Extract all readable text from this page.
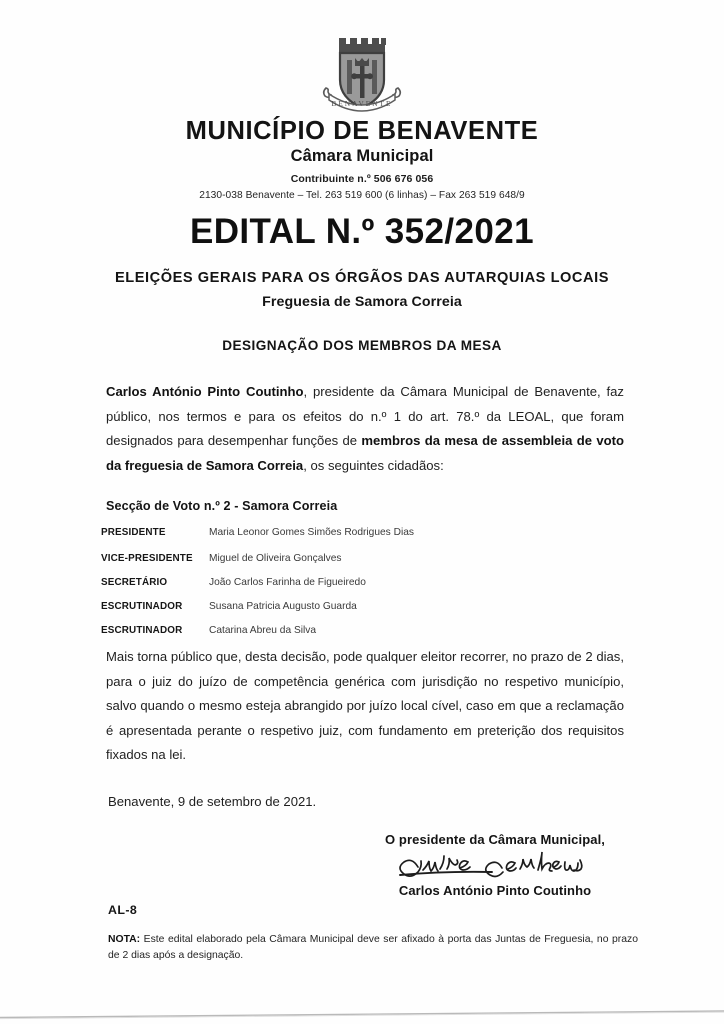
BENAVENTE
MUNICÍPIO DE BENAVENTE
Câmara Municipal
Contribuinte n.º 506 676 056
2130-038 Benavente – Tel. 263 519 600 (6 linhas) – Fax 263 519 648/9
EDITAL N.º 352/2021
ELEIÇÕES GERAIS PARA OS ÓRGÃOS DAS AUTARQUIAS LOCAIS
Freguesia de Samora Correia
DESIGNAÇÃO DOS MEMBROS DA MESA
Carlos António Pinto Coutinho, presidente da Câmara Municipal de Benavente, faz público, nos termos e para os efeitos do n.º 1 do art. 78.º da LEOAL, que foram designados para desempenhar funções de membros da mesa de assembleia de voto da freguesia de Samora Correia, os seguintes cidadãos:
Secção de Voto n.º 2 - Samora Correia
PRESIDENTE	Maria Leonor Gomes Simões Rodrigues Dias
VICE-PRESIDENTE	Miguel de Oliveira Gonçalves
SECRETÁRIO	João Carlos Farinha de Figueiredo
ESCRUTINADOR	Susana Patricia Augusto Guarda
ESCRUTINADOR	Catarina Abreu da Silva
Mais torna público que, desta decisão, pode qualquer eleitor recorrer, no prazo de 2 dias, para o juiz do juízo de competência genérica com jurisdição no respetivo município, salvo quando o mesmo esteja abrangido por juízo local cível, caso em que a reclamação é apresentada perante o respetivo juiz, com fundamento em preterição dos requisitos fixados na lei.
Benavente, 9 de setembro de 2021.
O presidente da Câmara Municipal,
Carlos António Pinto Coutinho
AL-8
NOTA: Este edital elaborado pela Câmara Municipal deve ser afixado à porta das Juntas de Freguesia, no prazo de 2 dias após a designação.
